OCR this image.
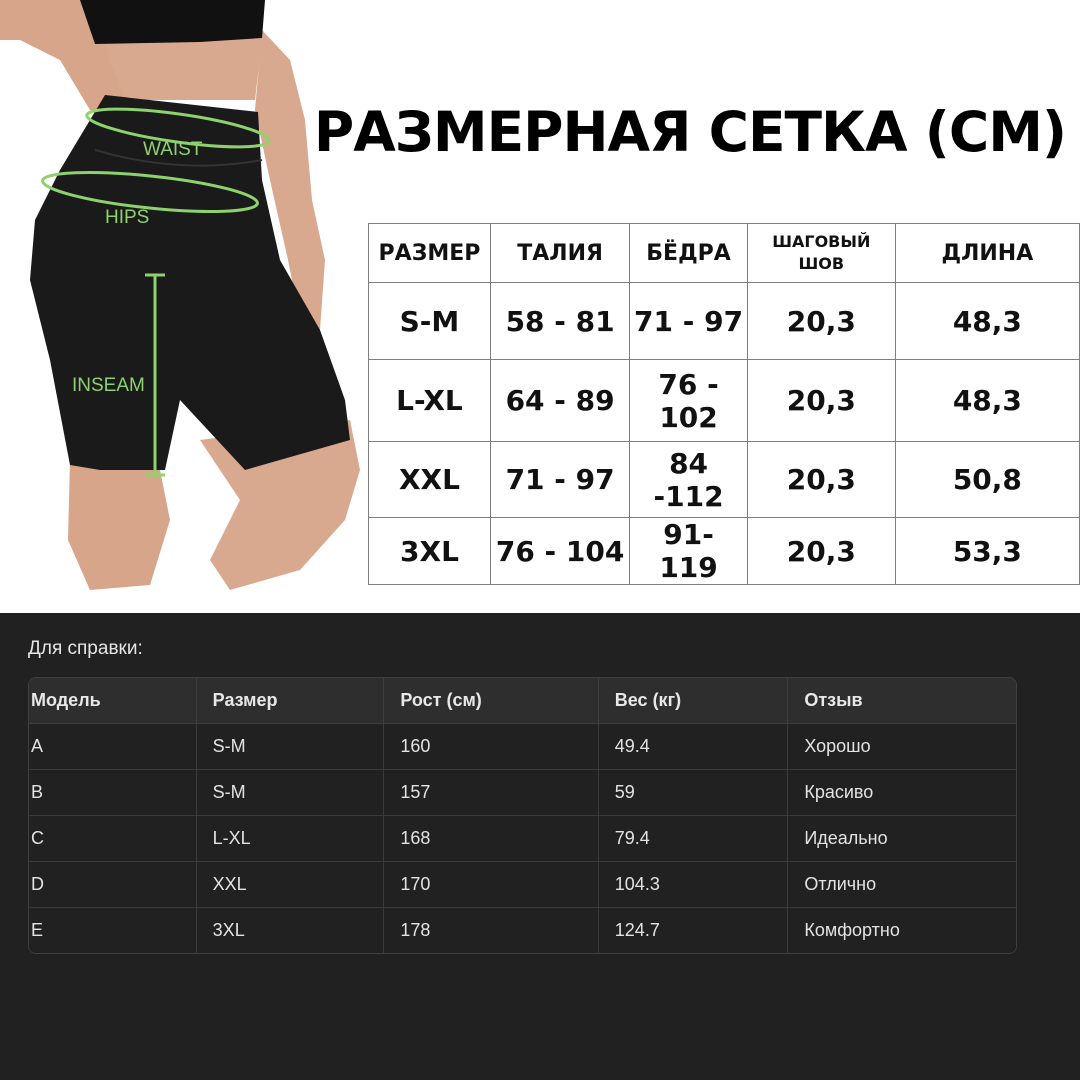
WAIST
HIPS
INSEAM
РАЗМЕРНАЯ СЕТКА (СМ)
РАЗМЕР	ТАЛИЯ	БЁДРА	ШАГОВЫЙ ШОВ	ДЛИНА
S-M	58 - 81	71 - 97	20,3	48,3
L-XL	64 - 89	76 - 102	20,3	48,3
XXL	71 - 97	84 -112	20,3	50,8
3XL	76 - 104	91- 119	20,3	53,3
Для справки:
Модель	Размер	Рост (см)	Вес (кг)	Отзыв
A	S-M	160	49.4	Хорошо
B	S-M	157	59	Красиво
C	L-XL	168	79.4	Идеально
D	XXL	170	104.3	Отлично
E	3XL	178	124.7	Комфортно
